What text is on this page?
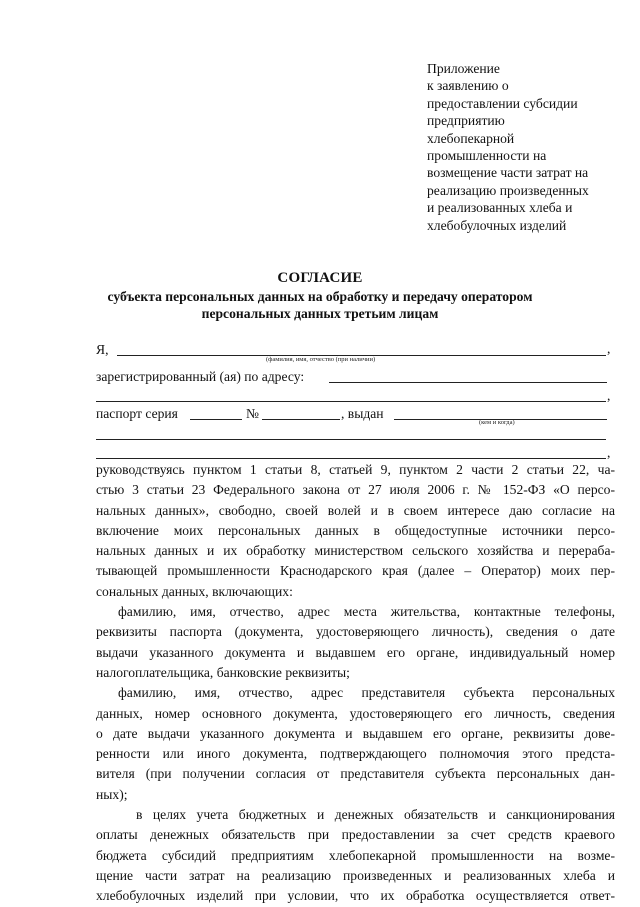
Приложение
к заявлению о
предоставлении субсидии
предприятию
хлебопекарной
промышленности на
возмещение части затрат на
реализацию произведенных
и реализованных хлеба и
хлебобулочных изделий
СОГЛАСИЕ
субъекта персональных данных на обработку и передачу оператором
персональных данных третьим лицам
Я,	,
(фамилия, имя, отчество (при наличии)
зарегистрированный (ая) по адресу:
,
паспорт серия	№	, выдан
(кем и когда)
,

руководствуясь пунктом 1 статьи 8, статьей 9, пунктом 2 части 2 статьи 22, ча-

стью 3 статьи 23 Федерального закона от 27 июля 2006 г. № 152-ФЗ «О персо-

нальных данных», свободно, своей волей и в своем интересе даю согласие на

включение моих персональных данных в общедоступные источники персо-

нальных данных и их обработку министерством сельского хозяйства и перераба-

тывающей промышленности Краснодарского края (далее – Оператор) моих пер-

сональных данных, включающих:

фамилию, имя, отчество, адрес места жительства, контактные телефоны,

реквизиты паспорта (документа, удостоверяющего личность), сведения о дате

выдачи указанного документа и выдавшем его органе, индивидуальный номер

налогоплательщика, банковские реквизиты;

фамилию, имя, отчество, адрес представителя субъекта персональных

данных, номер основного документа, удостоверяющего его личность, сведения

о дате выдачи указанного документа и выдавшем его органе, реквизиты дове-

ренности или иного документа, подтверждающего полномочия этого предста-

вителя (при получении согласия от представителя субъекта персональных дан-

ных);

в целях учета бюджетных и денежных обязательств и санкционирования

оплаты денежных обязательств при предоставлении за счет средств краевого

бюджета субсидий предприятиям хлебопекарной промышленности на возме-

щение части затрат на реализацию произведенных и реализованных хлеба и

хлебобулочных изделий при условии, что их обработка осуществляется ответ-
